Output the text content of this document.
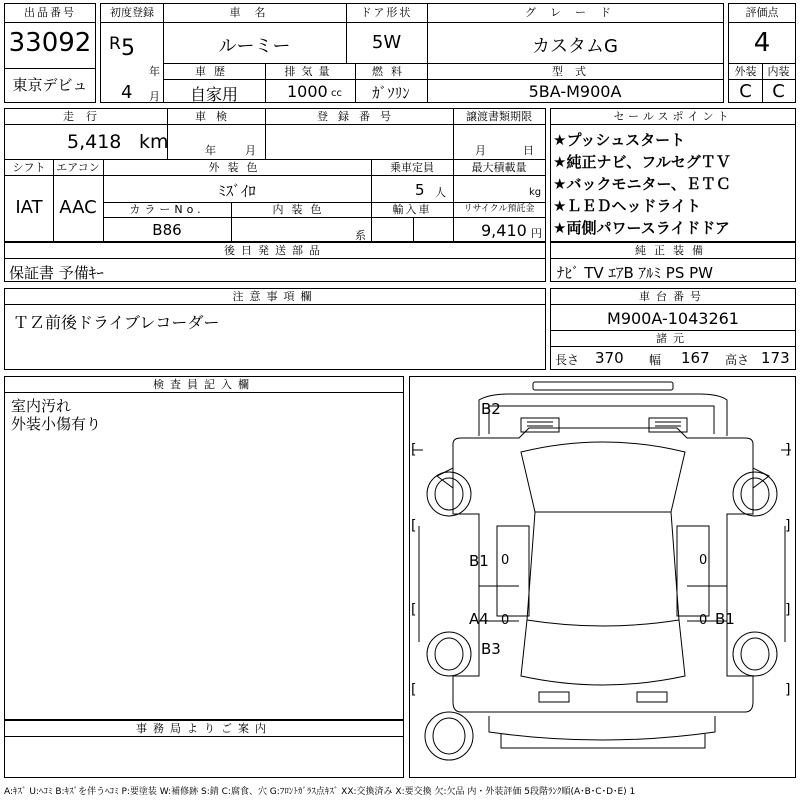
出品番号
33092
東京デビュ
初度登録
R 5
年
4 月
車名
ルーミー
ドア形状
5W
グレード
カスタムG
車歴
自家用
排気量
1000 cc
燃料
ｶﾞｿﾘﾝ
型式
5BA-M900A
評価点
4
外装	内装
C	C
走行
5,418 km
車検
年	月
登録番号	譲渡書類期限
月	日
シフト
IAT
エアコン
AAC
外装色
ﾐｽﾞｲﾛ
乗車定員
5 人
最大積載量
kg
カラーNo.
B86
内装色
系
輸入車	リサイクル預託金
9,410 円
セールスポイント
★プッシュスタート
★純正ナビ、フルセグＴＶ
★バックモニター、ＥＴＣ
★ＬＥＤヘッドライト
★両側パワースライドドア
後日発送部品
保証書 予備ｷｰ
純正装備
ﾅﾋﾞ TV ｴｱB ｱﾙﾐ PS PW
注意事項欄
ＴＺ前後ドライブレコーダー
車台番号
M900A-1043261
諸元
長さ 370 幅 167 高さ 173
検査員記入欄
室内汚れ
外装小傷有り
事務局よりご案内
B2
B1
A4
B3
B1
0	0
0	0
[	]
[	]
[	]
[	]
A:ｷｽﾞ U:ﾍｺﾐ B:ｷｽﾞを伴うﾍｺﾐ P:要塗装 W:補修跡 S:錆 C:腐食、穴 G:ﾌﾛﾝﾄｶﾞﾗｽ点ｷｽﾞ XX:交換済み X:要交換 欠:欠品 内・外装評価 5段階ﾗﾝｸ順(A･B･C･D･E) 1
